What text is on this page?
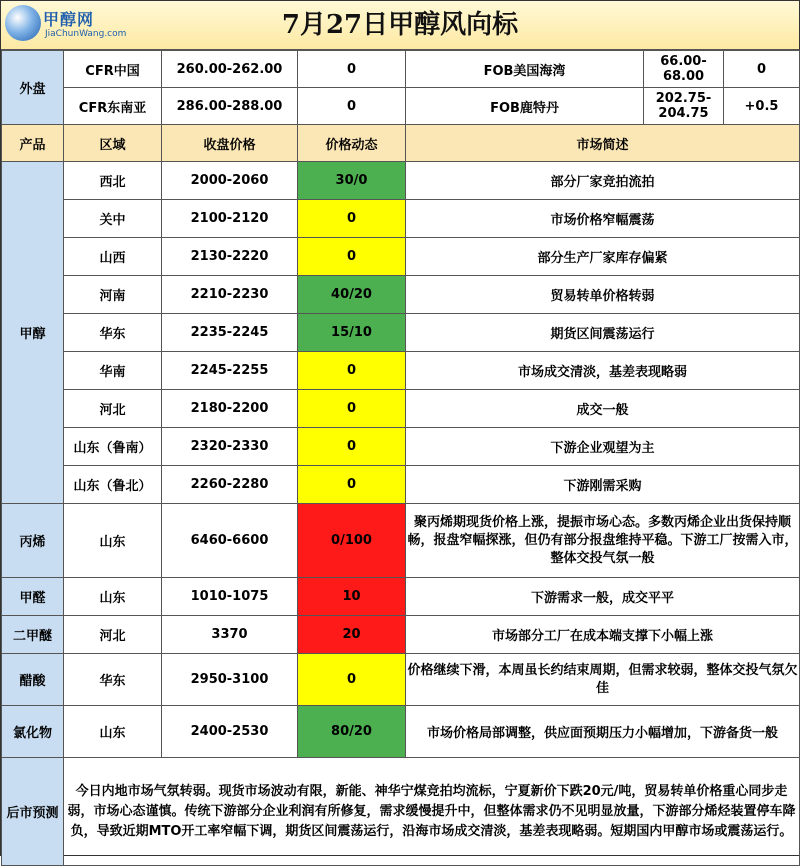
甲醇网
JiaChunWang.com	7月27日甲醇风向标
外盘	CFR中国	260.00-262.00	0	FOB美国海湾	66.00-68.00	0
	CFR东南亚	286.00-288.00	0	FOB鹿特丹	202.75-204.75	+0.5
产品	区域	收盘价格	价格动态	市场简述		
甲醇	西北	2000-2060	30/0	部分厂家竞拍流拍		
	关中	2100-2120	0	市场价格窄幅震荡		
	山西	2130-2220	0	部分生产厂家库存偏紧		
	河南	2210-2230	40/20	贸易转单价格转弱		
	华东	2235-2245	15/10	期货区间震荡运行		
	华南	2245-2255	0	市场成交清淡，基差表现略弱		
	河北	2180-2200	0	成交一般		
	山东（鲁南）	2320-2330	0	下游企业观望为主		
	山东（鲁北）	2260-2280	0	下游刚需采购		
丙烯	山东	6460-6600	0/100	聚丙烯期现货价格上涨，提振市场心态。多数丙烯企业出货保持顺畅，报盘窄幅探涨，但仍有部分报盘维持平稳。下游工厂按需入市，整体交投气氛一般		
甲醛	山东	1010-1075	10	下游需求一般，成交平平		
二甲醚	河北	3370	20	市场部分工厂在成本端支撑下小幅上涨		
醋酸	华东	2950-3100	0	价格继续下滑，本周虽长约结束周期，但需求较弱，整体交投气氛欠佳		
氯化物	山东	2400-2530	80/20	市场价格局部调整，供应面预期压力小幅增加，下游备货一般		
后市预测	今日内地市场气氛转弱。现货市场波动有限，新能、神华宁煤竞拍均流标，宁夏新价下跌20元/吨，贸易转单价格重心同步走弱，市场心态谨慎。传统下游部分企业利润有所修复，需求缓慢提升中，但整体需求仍不见明显放量，下游部分烯烃装置停车降负，导致近期MTO开工率窄幅下调，期货区间震荡运行，沿海市场成交清淡，基差表现略弱。短期国内甲醇市场或震荡运行。					
